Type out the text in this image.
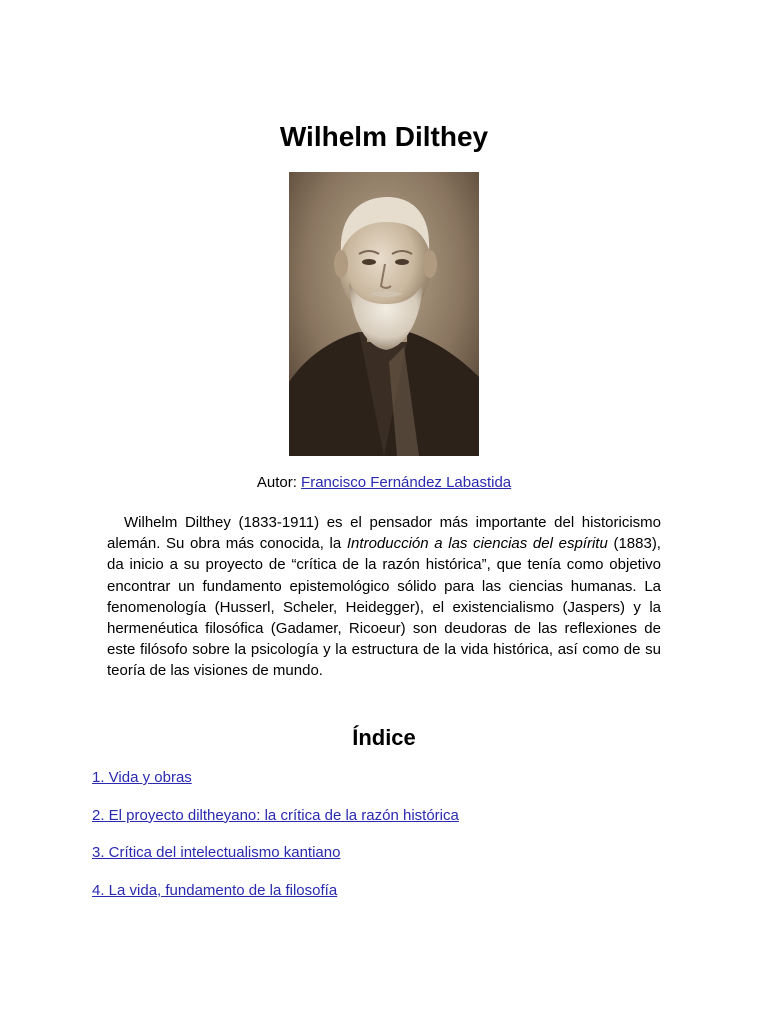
Wilhelm Dilthey
Autor: Francisco Fernández Labastida

Wilhelm Dilthey (1833-1911) es el pensador más importante del historicismo alemán. Su obra más conocida, la Introducción a las ciencias del espíritu (1883), da inicio a su proyecto de “crítica de la razón histórica”, que tenía como objetivo encontrar un fundamento epistemológico sólido para las ciencias humanas. La fenomenología (Husserl, Scheler, Heidegger), el existencialismo (Jaspers) y la hermenéutica filosófica (Gadamer, Ricoeur) son deudoras de las reflexiones de este filósofo sobre la psicología y la estructura de la vida histórica, así como de su teoría de las visiones de mundo.

Índice
1. Vida y obras
2. El proyecto diltheyano: la crítica de la razón histórica
3. Crítica del intelectualismo kantiano
4. La vida, fundamento de la filosofía
